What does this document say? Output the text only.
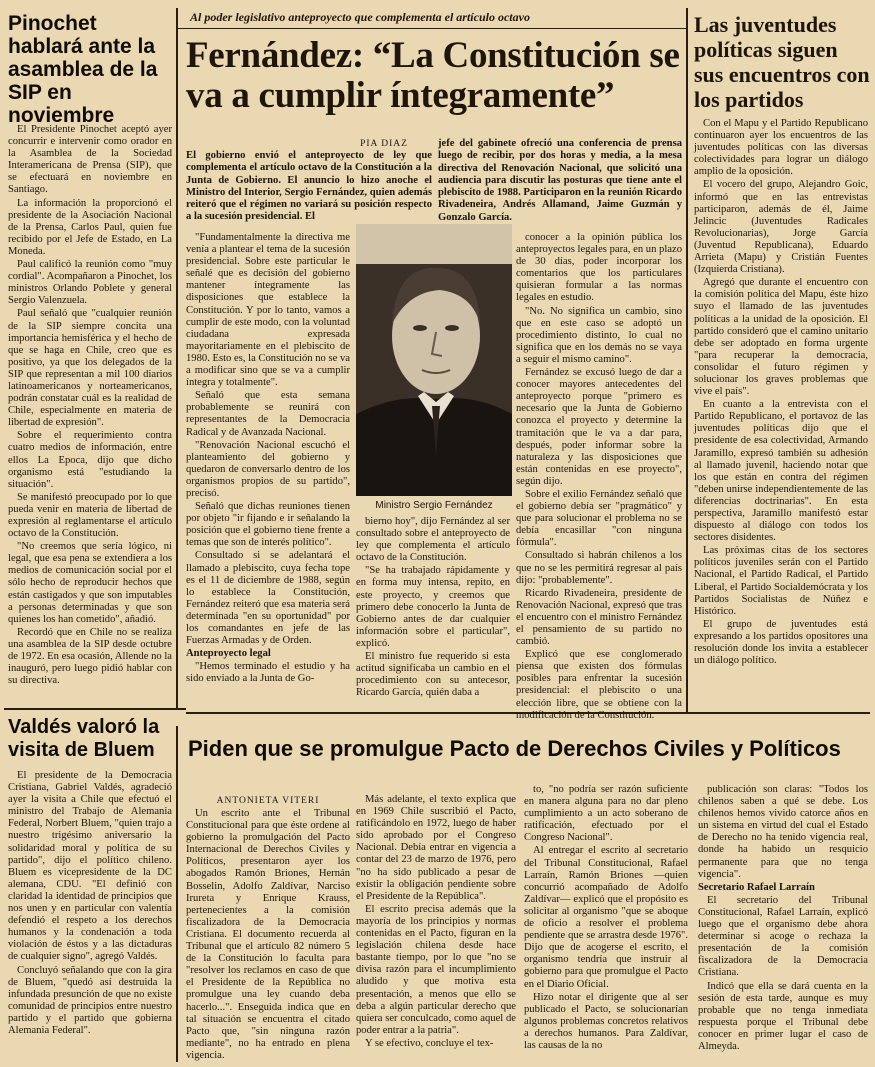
Pinochet hablará ante la asamblea de la SIP en noviembre

El Presidente Pinochet aceptó ayer concurrir e intervenir como orador en la Asamblea de la Sociedad Interamericana de Prensa (SIP), que se efectuará en noviembre en Santiago.

La información la proporcionó el presidente de la Asociación Nacional de la Prensa, Carlos Paul, quien fue recibido por el Jefe de Estado, en La Moneda.

Paul calificó la reunión como "muy cordial". Acompañaron a Pinochet, los ministros Orlando Poblete y general Sergio Valenzuela.

Paul señaló que "cualquier reunión de la SIP siempre concita una importancia hemisférica y el hecho de que se haga en Chile, creo que es positivo, ya que los delegados de la SIP que representan a mil 100 diarios latinoamericanos y norteamericanos, podrán constatar cuál es la realidad de Chile, especialmente en materia de libertad de expresión".

Sobre el requerimiento contra cuatro medios de información, entre ellos La Epoca, dijo que dicho organismo está "estudiando la situación".

Se manifestó preocupado por lo que pueda venir en materia de libertad de expresión al reglamentarse el artículo octavo de la Constitución.

"No creemos que sería lógico, ni legal, que esa pena se extendiera a los medios de comunicación social por el sólo hecho de reproducir hechos que están castigados y que son imputables a personas determinadas y que son quienes los han cometido", añadió.

Recordó que en Chile no se realiza una asamblea de la SIP desde octubre de 1972. En esa ocasión, Allende no la inauguró, pero luego pidió hablar con su directiva.

Valdés valoró la visita de Bluem

El presidente de la Democracia Cristiana, Gabriel Valdés, agradeció ayer la visita a Chile que efectuó el ministro del Trabajo de Alemania Federal, Norbert Bluem, "quien trajo a nuestro trigésimo aniversario la solidaridad moral y política de su partido", dijo el político chileno. Bluem es vicepresidente de la DC alemana, CDU. "El definió con claridad la identidad de principios que nos unen y en particular con valentía defendió el respeto a los derechos humanos y la condenación a toda violación de éstos y a las dictaduras de cualquier signo", agregó Valdés.

Concluyó señalando que con la gira de Bluem, "quedó así destruida la infundada presunción de que no existe comunidad de principios entre nuestro partido y el partido que gobierna Alemania Federal".

Al poder legislativo anteproyecto que complementa el artículo octavo
Fernández: “La Constitución se va a cumplir íntegramente”
PIA DIAZ
El gobierno envió el anteproyecto de ley que complementa el artículo octavo de la Constitución a la Junta de Gobierno. El anuncio lo hizo anoche el Ministro del Interior, Sergio Fernández, quien además reiteró que el régimen no variará su posición respecto a la sucesión presidencial. El
jefe del gabinete ofreció una conferencia de prensa luego de recibir, por dos horas y media, a la mesa directiva del Renovación Nacional, que solicitó una audiencia para discutir las posturas que tiene ante el plebiscito de 1988. Participaron en la reunión Ricardo Rivadeneira, Andrés Allamand, Jaime Guzmán y Gonzalo García.

"Fundamentalmente la directiva me venía a plantear el tema de la sucesión presidencial. Sobre este particular le señalé que es decisión del gobierno mantener íntegramente las disposiciones que establece la Constitución. Y por lo tanto, vamos a cumplir de este modo, con la voluntad ciudadana expresada mayoritariamente en el plebiscito de 1980. Esto es, la Constitución no se va a modificar sino que se va a cumplir íntegra y totalmente".

Señaló que esta semana probablemente se reunirá con representantes de la Democracia Radical y de Avanzada Nacional.

"Renovación Nacional escuchó el planteamiento del gobierno y quedaron de conversarlo dentro de los organismos propios de su partido", precisó.

Señaló que dichas reuniones tienen por objeto "ir fijando e ir señalando la posición que el gobierno tiene frente a temas que son de interés político".

Consultado si se adelantará el llamado a plebiscito, cuya fecha tope es el 11 de diciembre de 1988, según lo establece la Constitución, Fernández reiteró que esa materia será determinada "en su oportunidad" por los comandantes en jefe de las Fuerzas Armadas y de Orden.

Anteproyecto legal

"Hemos terminado el estudio y ha sido enviado a la Junta de Go-

Ministro Sergio Fernández

bierno hoy", dijo Fernández al ser consultado sobre el anteproyecto de ley que complementa el artículo octavo de la Constitución.

"Se ha trabajado rápidamente y en forma muy intensa, repito, en este proyecto, y creemos que primero debe conocerlo la Junta de Gobierno antes de dar cualquier información sobre el particular", explicó.

El ministro fue requerido si esta actitud significaba un cambio en el procedimiento con su antecesor, Ricardo García, quién daba a

conocer a la opinión pública los anteproyectos legales para, en un plazo de 30 días, poder incorporar los comentarios que los particulares quisieran formular a las normas legales en estudio.

"No. No significa un cambio, sino que en este caso se adoptó un procedimiento distinto, lo cual no significa que en los demás no se vaya a seguir el mismo camino".

Fernández se excusó luego de dar a conocer mayores antecedentes del anteproyecto porque "primero es necesario que la Junta de Gobierno conozca el proyecto y determine la tramitación que le va a dar para, después, poder informar sobre la naturaleza y las disposiciones que están contenidas en ese proyecto", según dijo.

Sobre el exilio Fernández señaló que el gobierno debía ser "pragmático" y que para solucionar el problema no se debía encasillar "con ninguna fórmula".

Consultado si habrán chilenos a los que no se les permitirá regresar al país dijo: "probablemente".

Ricardo Rivadeneira, presidente de Renovación Nacional, expresó que tras el encuentro con el ministro Fernández el pensamiento de su partido no cambió.

Explicó que ese conglomerado piensa que existen dos fórmulas posibles para enfrentar la sucesión presidencial: el plebiscito o una elección libre, que se obtiene con la modificación de la Constitución.

Las juventudes políticas siguen sus encuentros con los partidos

Con el Mapu y el Partido Republicano continuaron ayer los encuentros de las juventudes políticas con las diversas colectividades para lograr un diálogo amplio de la oposición.

El vocero del grupo, Alejandro Goic, informó que en las entrevistas participaron, además de él, Jaime Jelincic (Juventudes Radicales Revolucionarias), Jorge García (Juventud Republicana), Eduardo Arrieta (Mapu) y Cristián Fuentes (Izquierda Cristiana).

Agregó que durante el encuentro con la comisión política del Mapu, éste hizo suyo el llamado de las juventudes políticas a la unidad de la oposición. El partido consideró que el camino unitario debe ser adoptado en forma urgente "para recuperar la democracia, consolidar el futuro régimen y solucionar los graves problemas que vive el país".

En cuanto a la entrevista con el Partido Republicano, el portavoz de las juventudes políticas dijo que el presidente de esa colectividad, Armando Jaramillo, expresó también su adhesión al llamado juvenil, haciendo notar que los que están en contra del régimen "deben unirse independientemente de las diferencias doctrinarias". En esta perspectiva, Jaramillo manifestó estar dispuesto al diálogo con todos los sectores disidentes.

Las próximas citas de los sectores políticos juveniles serán con el Partido Nacional, el Partido Radical, el Partido Liberal, el Partido Socialdemócrata y los Partidos Socialistas de Núñez e Histórico.

El grupo de juventudes está expresando a los partidos opositores una resolución donde los invita a establecer un diálogo político.

Piden que se promulgue Pacto de Derechos Civiles y Políticos
ANTONIETA VITERI

Un escrito ante el Tribunal Constitucional para que éste ordene al gobierno la promulgación del Pacto Internacional de Derechos Civiles y Políticos, presentaron ayer los abogados Ramón Briones, Hernán Bosselin, Adolfo Zaldívar, Narciso Irureta y Enrique Krauss, pertenecientes a la comisión fiscalizadora de la Democracia Cristiana. El documento recuerda al Tribunal que el artículo 82 número 5 de la Constitución lo faculta para "resolver los reclamos en caso de que el Presidente de la República no promulgue una ley cuando deba hacerlo...". Enseguida indica que en tal situación se encuentra el citado Pacto que, "sin ninguna razón mediante", no ha entrado en plena vigencia.

Más adelante, el texto explica que en 1969 Chile suscribió el Pacto, ratificándolo en 1972, luego de haber sido aprobado por el Congreso Nacional. Debía entrar en vigencia a contar del 23 de marzo de 1976, pero "no ha sido publicado a pesar de existir la obligación pendiente sobre el Presidente de la República".

El escrito precisa además que la mayoría de los principios y normas contenidas en el Pacto, figuran en la legislación chilena desde hace bastante tiempo, por lo que "no se divisa razón para el incumplimiento aludido y que motiva esta presentación, a menos que ello se deba a algún particular derecho que quiera ser conculcado, como aquel de poder entrar a la patria".

Y se efectivo, concluye el tex-

to, "no podría ser razón suficiente en manera alguna para no dar pleno cumplimiento a un acto soberano de ratificación, efectuado por el Congreso Nacional".

Al entregar el escrito al secretario del Tribunal Constitucional, Rafael Larraín, Ramón Briones —quien concurrió acompañado de Adolfo Zaldívar— explicó que el propósito es solicitar al organismo "que se aboque de oficio a resolver el problema pendiente que se arrastra desde 1976". Dijo que de acogerse el escrito, el organismo tendría que instruir al gobierno para que promulgue el Pacto en el Diario Oficial.

Hizo notar el dirigente que al ser publicado el Pacto, se solucionarían algunos problemas concretos relativos a derechos humanos. Para Zaldívar, las causas de la no

publicación son claras: "Todos los chilenos saben a qué se debe. Los chilenos hemos vivido catorce años en un sistema en virtud del cual el Estado de Derecho no ha tenido vigencia real, donde ha habido un resquicio permanente para que no tenga vigencia".

Secretario Rafael Larraín

El secretario del Tribunal Constitucional, Rafael Larraín, explicó luego que el organismo debe ahora determinar si acoge o rechaza la presentación de la comisión fiscalizadora de la Democracia Cristiana.

Indicó que ella se dará cuenta en la sesión de esta tarde, aunque es muy probable que no tenga inmediata respuesta porque el Tribunal debe conocer en primer lugar el caso de Almeyda.
